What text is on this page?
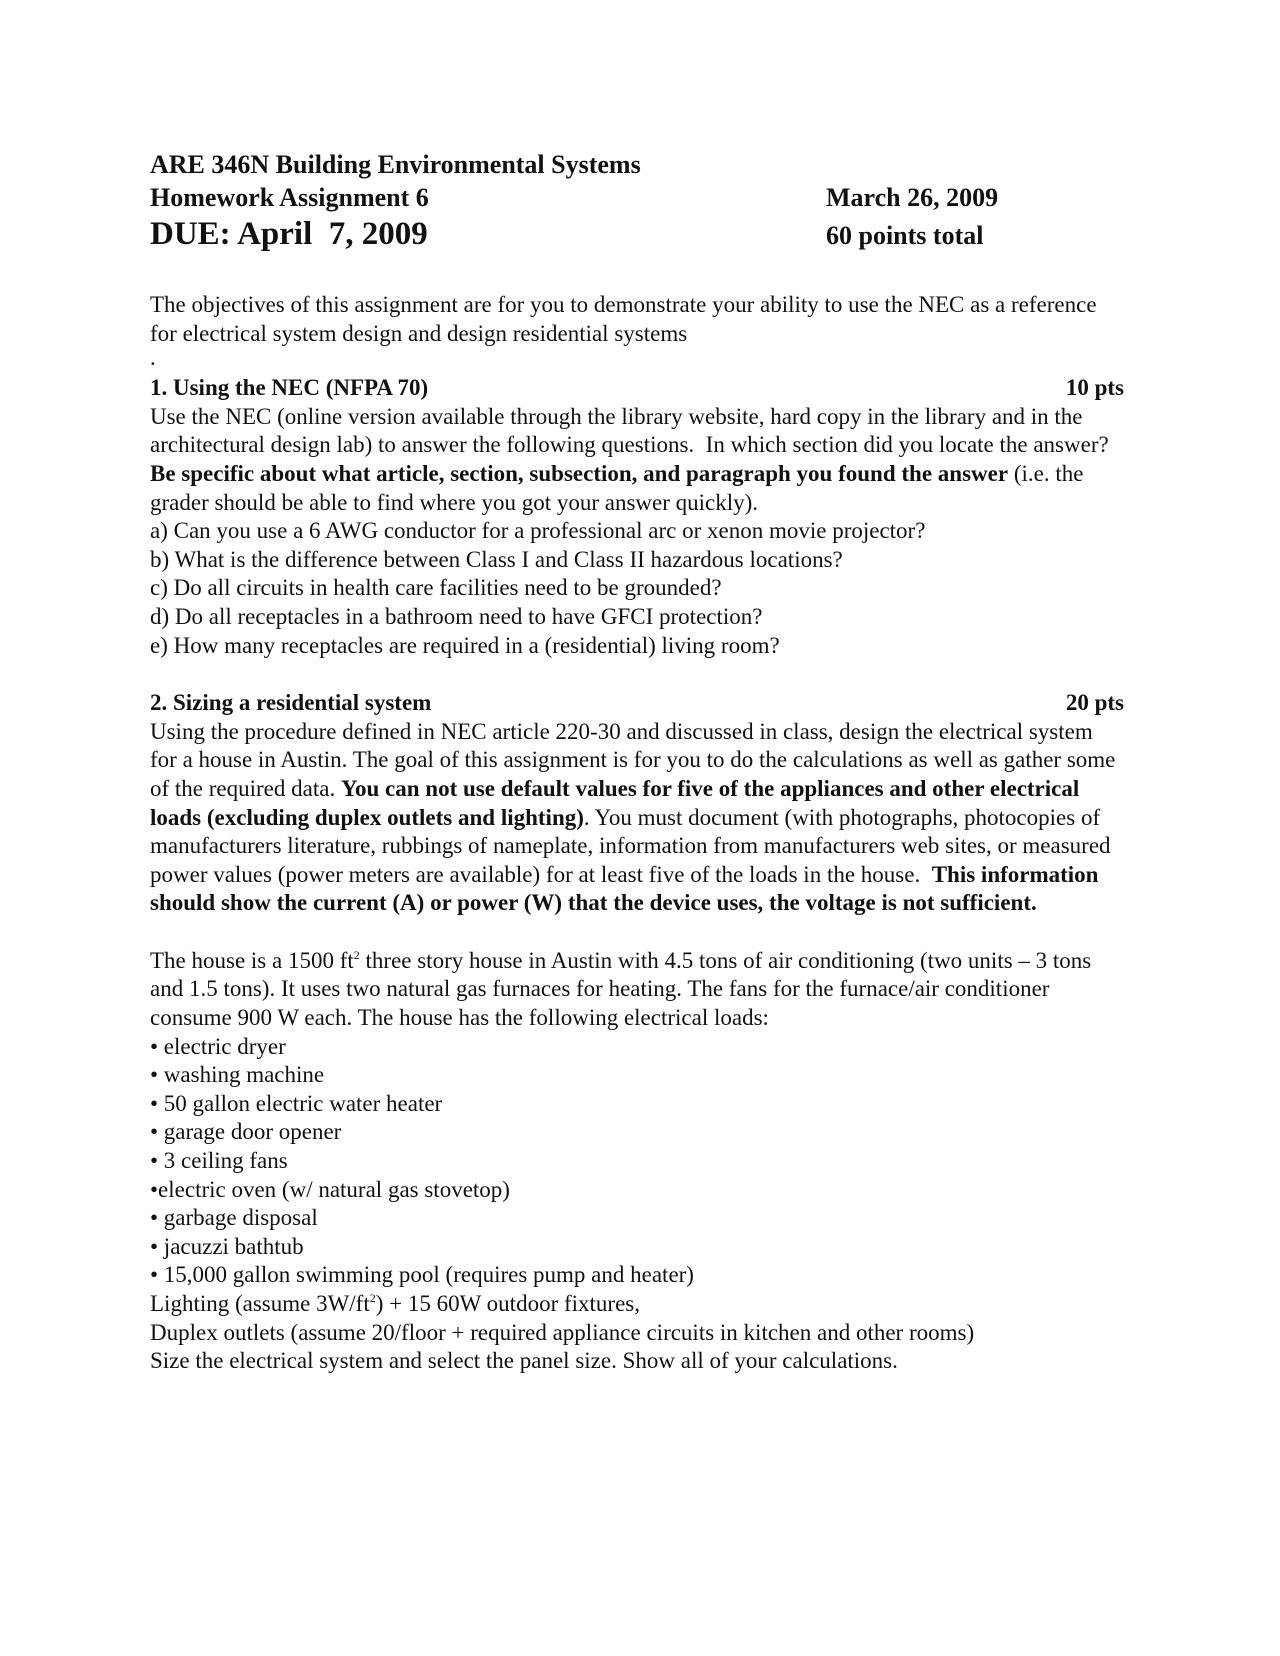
ARE 346N Building Environmental Systems
Homework Assignment 6	March 26, 2009
DUE: April  7, 2009	60 points total

The objectives of this assignment are for you to demonstrate your ability to use the NEC as a reference for electrical system design and design residential systems

.

1. Using the NEC (NFPA 70)	10 pts

Use the NEC (online version available through the library website, hard copy in the library and in the architectural design lab) to answer the following questions.  In which section did you locate the answer?  Be specific about what article, section, subsection, and paragraph you found the answer (i.e. the grader should be able to find where you got your answer quickly).

a) Can you use a 6 AWG conductor for a professional arc or xenon movie projector?
b) What is the difference between Class I and Class II hazardous locations?
c) Do all circuits in health care facilities need to be grounded?
d) Do all receptacles in a bathroom need to have GFCI protection?
e) How many receptacles are required in a (residential) living room?
2. Sizing a residential system	20 pts

Using the procedure defined in NEC article 220-30 and discussed in class, design the electrical system for a house in Austin. The goal of this assignment is for you to do the calculations as well as gather some of the required data. You can not use default values for five of the appliances and other electrical loads (excluding duplex outlets and lighting). You must document (with photographs, photocopies of manufacturers literature, rubbings of nameplate, information from manufacturers web sites, or measured power values (power meters are available) for at least five of the loads in the house.  This information should show the current (A) or power (W) that the device uses, the voltage is not sufficient.

The house is a 1500 $ft^2$ three story house in Austin with 4.5 tons of air conditioning (two units – 3 tons and 1.5 tons). It uses two natural gas furnaces for heating. The fans for the furnace/air conditioner consume 900 W each. The house has the following electrical loads:

• electric dryer
• washing machine
• 50 gallon electric water heater
• garage door opener
• 3 ceiling fans
•electric oven (w/ natural gas stovetop)
• garbage disposal
• jacuzzi bathtub
• 15,000 gallon swimming pool (requires pump and heater)

Lighting (assume $3W/ft^2) + 15$ 60W outdoor fixtures,

Duplex outlets (assume 20/floor + required appliance circuits in kitchen and other rooms)

Size the electrical system and select the panel size. Show all of your calculations.
